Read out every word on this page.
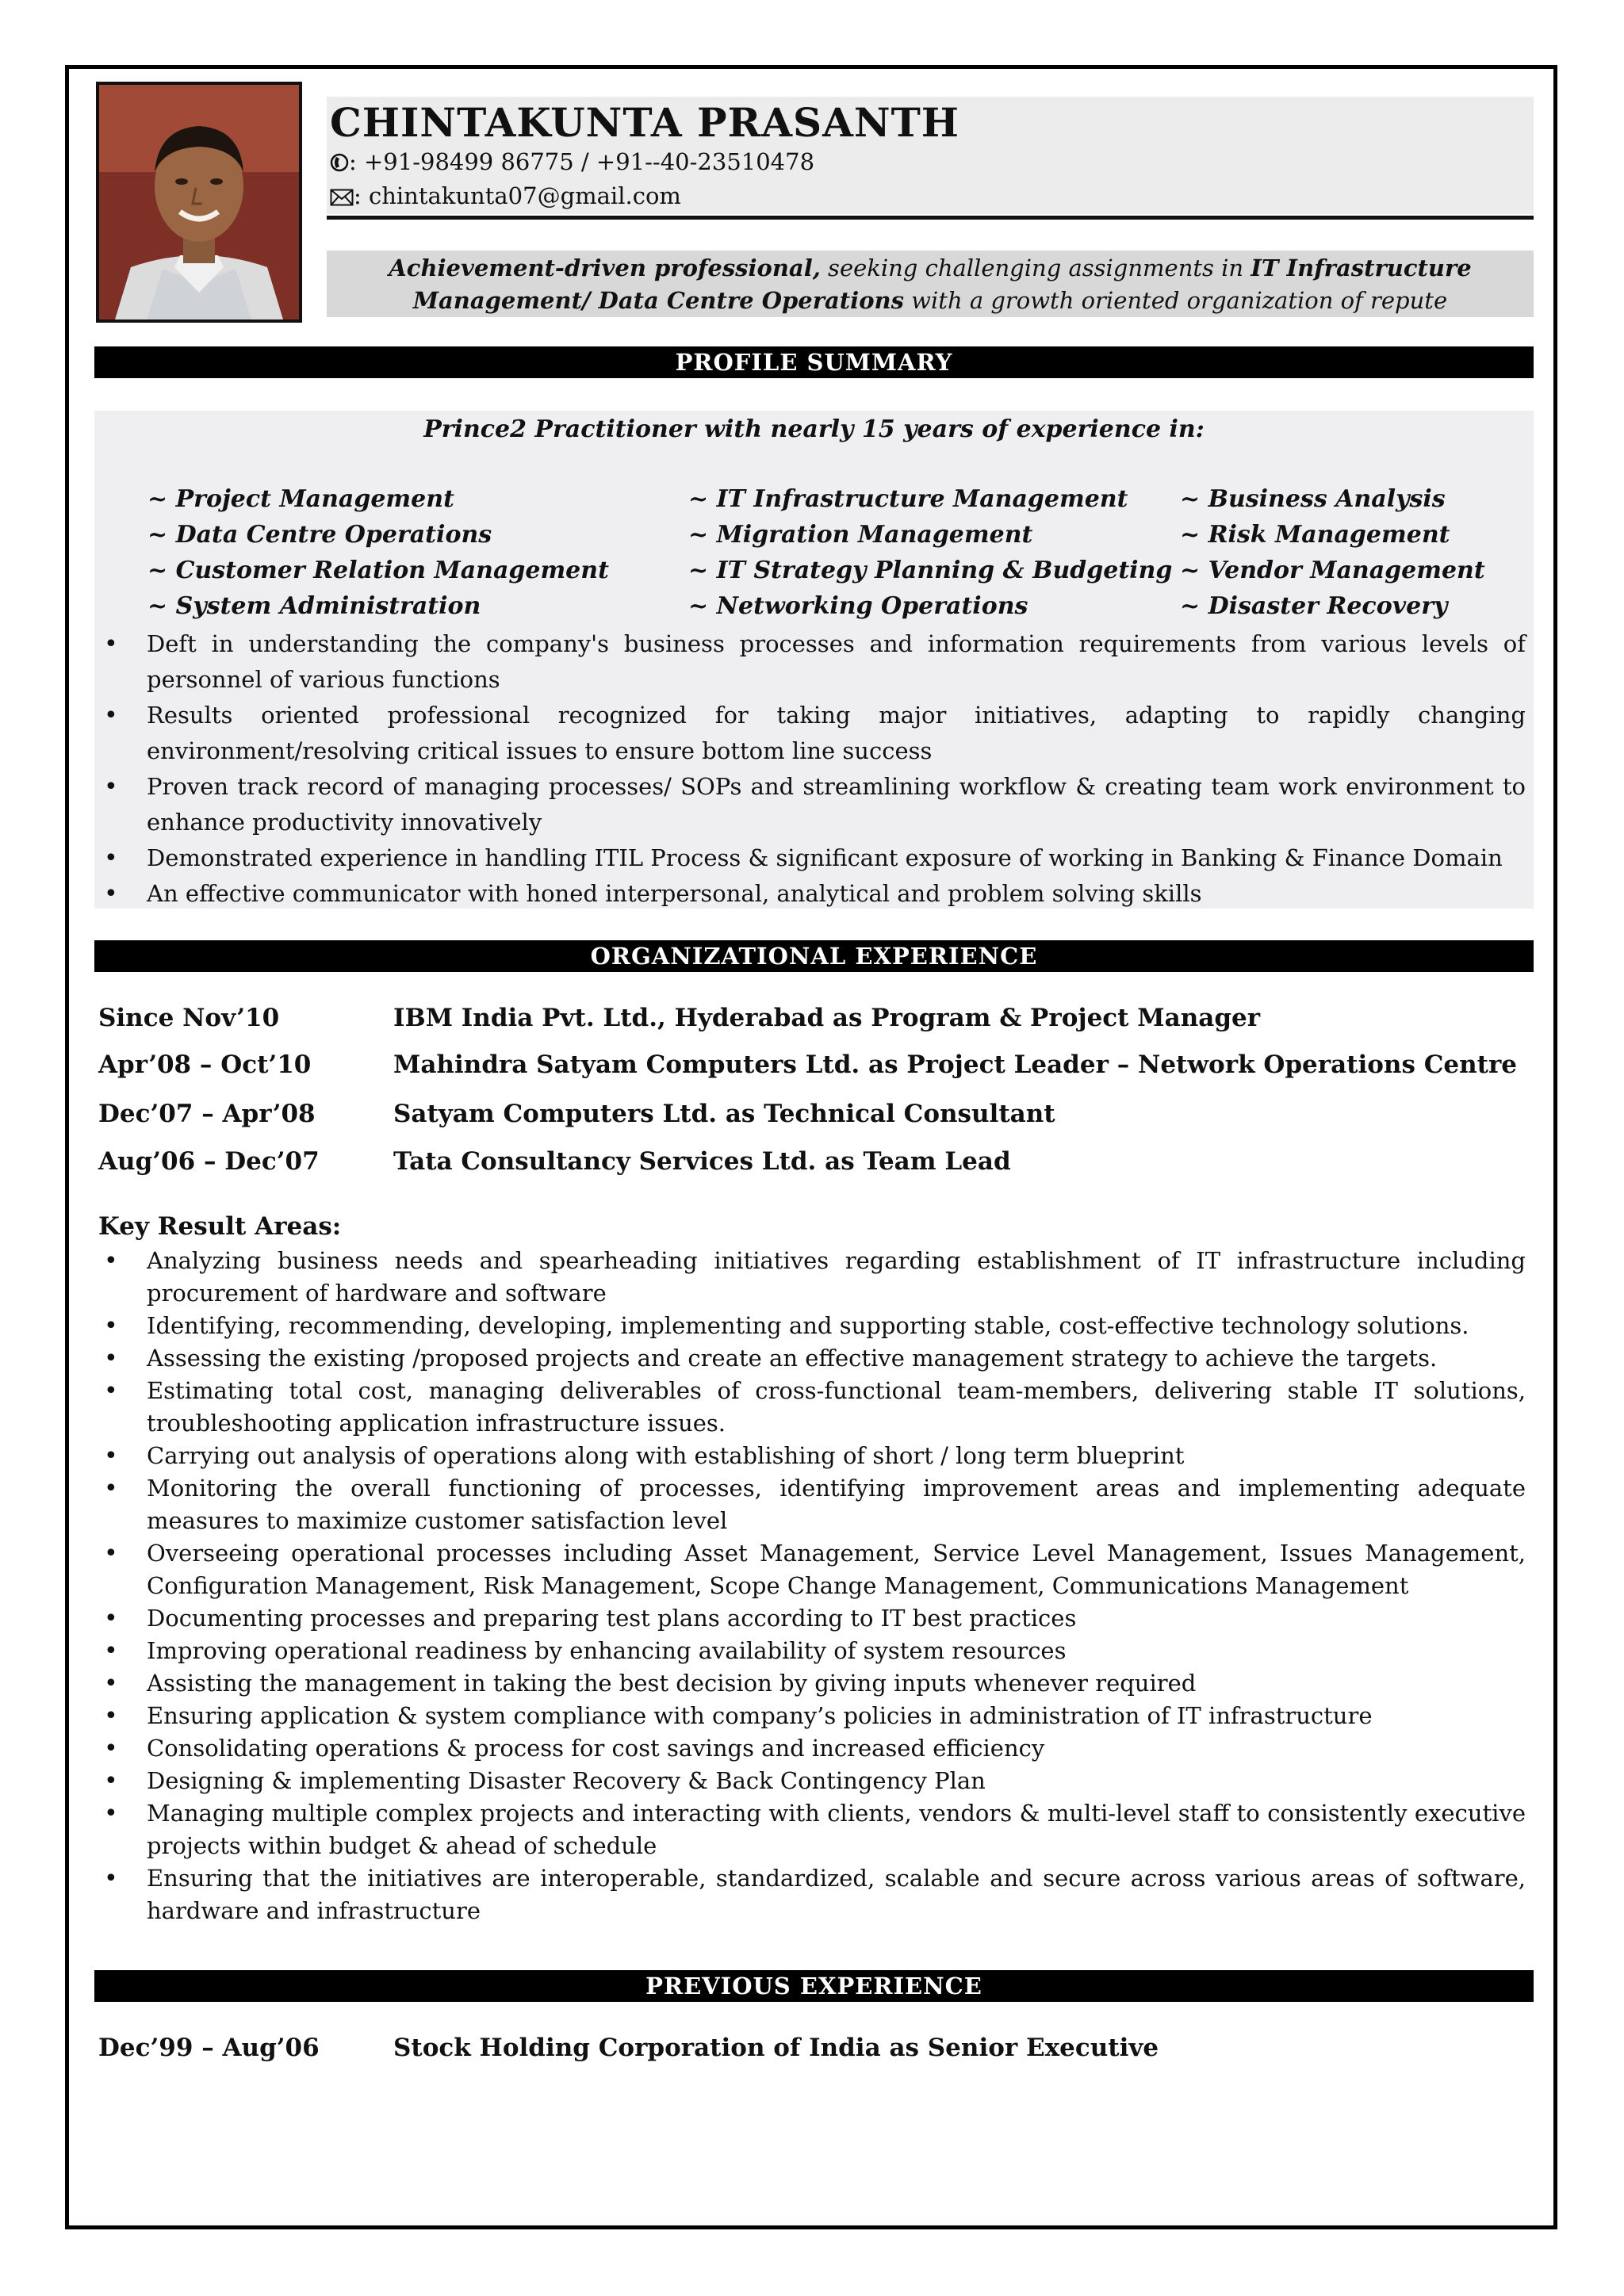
CHINTAKUNTA PRASANTH
: +91-98499 86775 / +91--40-23510478
: chintakunta07@gmail.com
Achievement-driven professional, seeking challenging assignments in IT Infrastructure
Management/ Data Centre Operations with a growth oriented organization of repute
PROFILE SUMMARY
Prince2 Practitioner with nearly 15 years of experience in:
~ Project Management	~ IT Infrastructure Management ~ Business Analysis
~ Data Centre Operations	~ Migration Management	~ Risk Management
~ Customer Relation Management	~ IT Strategy Planning & Budgeting ~ Vendor Management
~ System Administration	~ Networking Operations	~ Disaster Recovery
• Deft in understanding the company's business processes and information requirements from various levels of personnel of various functions
• Results oriented professional recognized for taking major initiatives, adapting to rapidly changing environment/resolving critical issues to ensure bottom line success
• Proven track record of managing processes/ SOPs and streamlining workflow & creating team work environment to enhance productivity innovatively
• Demonstrated experience in handling ITIL Process & significant exposure of working in Banking & Finance Domain
• An effective communicator with honed interpersonal, analytical and problem solving skills
ORGANIZATIONAL EXPERIENCE
Since Nov’10	IBM India Pvt. Ltd., Hyderabad as Program & Project Manager
Apr’08 – Oct’10	Mahindra Satyam Computers Ltd. as Project Leader – Network Operations Centre
Dec’07 – Apr’08	Satyam Computers Ltd. as Technical Consultant
Aug’06 – Dec’07	Tata Consultancy Services Ltd. as Team Lead
Key Result Areas:
• Analyzing business needs and spearheading initiatives regarding establishment of IT infrastructure including procurement of hardware and software
• Identifying, recommending, developing, implementing and supporting stable, cost-effective technology solutions.
• Assessing the existing /proposed projects and create an effective management strategy to achieve the targets.
• Estimating total cost, managing deliverables of cross-functional team-members, delivering stable IT solutions, troubleshooting application infrastructure issues.
• Carrying out analysis of operations along with establishing of short / long term blueprint
• Monitoring the overall functioning of processes, identifying improvement areas and implementing adequate measures to maximize customer satisfaction level
• Overseeing operational processes including Asset Management, Service Level Management, Issues Management, Configuration Management, Risk Management, Scope Change Management, Communications Management
• Documenting processes and preparing test plans according to IT best practices
• Improving operational readiness by enhancing availability of system resources
• Assisting the management in taking the best decision by giving inputs whenever required
• Ensuring application & system compliance with company’s policies in administration of IT infrastructure
• Consolidating operations & process for cost savings and increased efficiency
• Designing & implementing Disaster Recovery & Back Contingency Plan
• Managing multiple complex projects and interacting with clients, vendors & multi-level staff to consistently executive projects within budget & ahead of schedule
• Ensuring that the initiatives are interoperable, standardized, scalable and secure across various areas of software, hardware and infrastructure
PREVIOUS EXPERIENCE
Dec’99 – Aug’06	Stock Holding Corporation of India as Senior Executive
